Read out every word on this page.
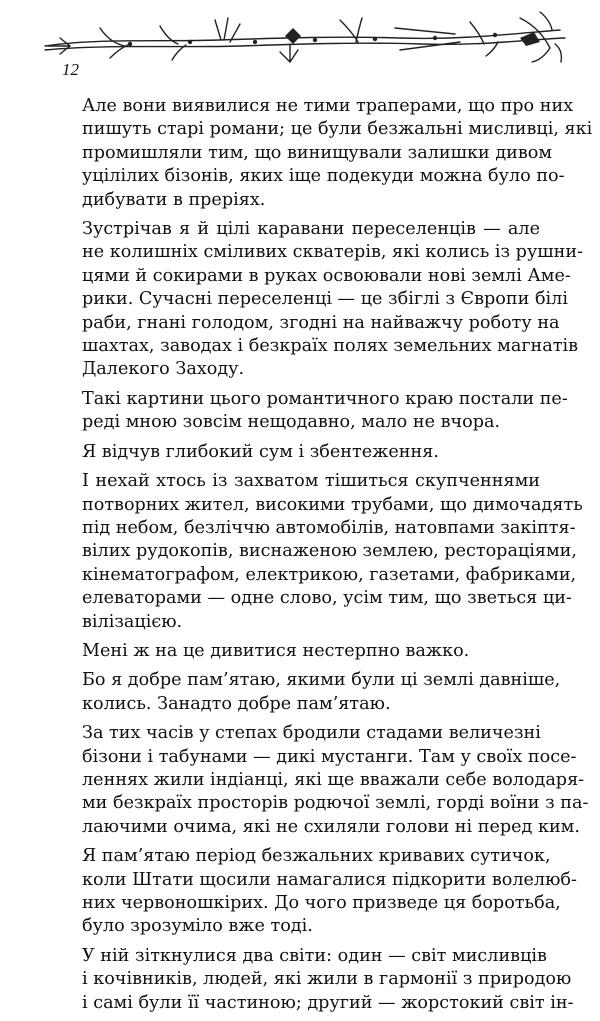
12

Але вони виявилися не тими траперами, що про них
пишуть старі романи; це були безжальні мисливці, які
промишляли тим, що винищували залишки дивом
уцілілих бізонів, яких іще подекуди можна було по-
дибувати в преріях.

Зустрічав я й цілі каравани переселенців — але
не колишніх сміливих скватерів, які колись із рушни-
цями й сокирами в руках освоювали нові землі Аме-
рики. Сучасні переселенці — це збіглі з Європи білі
раби, гнані голодом, згодні на найважчу роботу на
шахтах, заводах і безкраїх полях земельних магнатів
Далекого Заходу.

Такі картини цього романтичного краю постали пе-
реді мною зовсім нещодавно, мало не вчора.

Я відчув глибокий сум і збентеження.

І нехай хтось із захватом тішиться скупченнями
потворних жител, високими трубами, що димочадять
під небом, безліччю автомобілів, натовпами закіптя-
вілих рудокопів, виснаженою землею, рестораціями,
кінематографом, електрикою, газетами, фабриками,
елеваторами — одне слово, усім тим, що зветься ци-
вілізацією.

Мені ж на це дивитися нестерпно важко.

Бо я добре пам’ятаю, якими були ці землі давніше,
колись. Занадто добре пам’ятаю.

За тих часів у степах бродили стадами величезні
бізони і табунами — дикі мустанги. Там у своїх посе-
леннях жили індіанці, які ще вважали себе володаря-
ми безкраїх просторів родючої землі, горді воїни з па-
лаючими очима, які не схиляли голови ні перед ким.

Я пам’ятаю період безжальних кривавих сутичок,
коли Штати щосили намагалися підкорити волелюб-
них червоношкірих. До чого призведе ця боротьба,
було зрозуміло вже тоді.

У ній зіткнулися два світи: один — світ мисливців
і кочівників, людей, які жили в гармонії з природою
і самі були її частиною; другий — жорстокий світ ін-
